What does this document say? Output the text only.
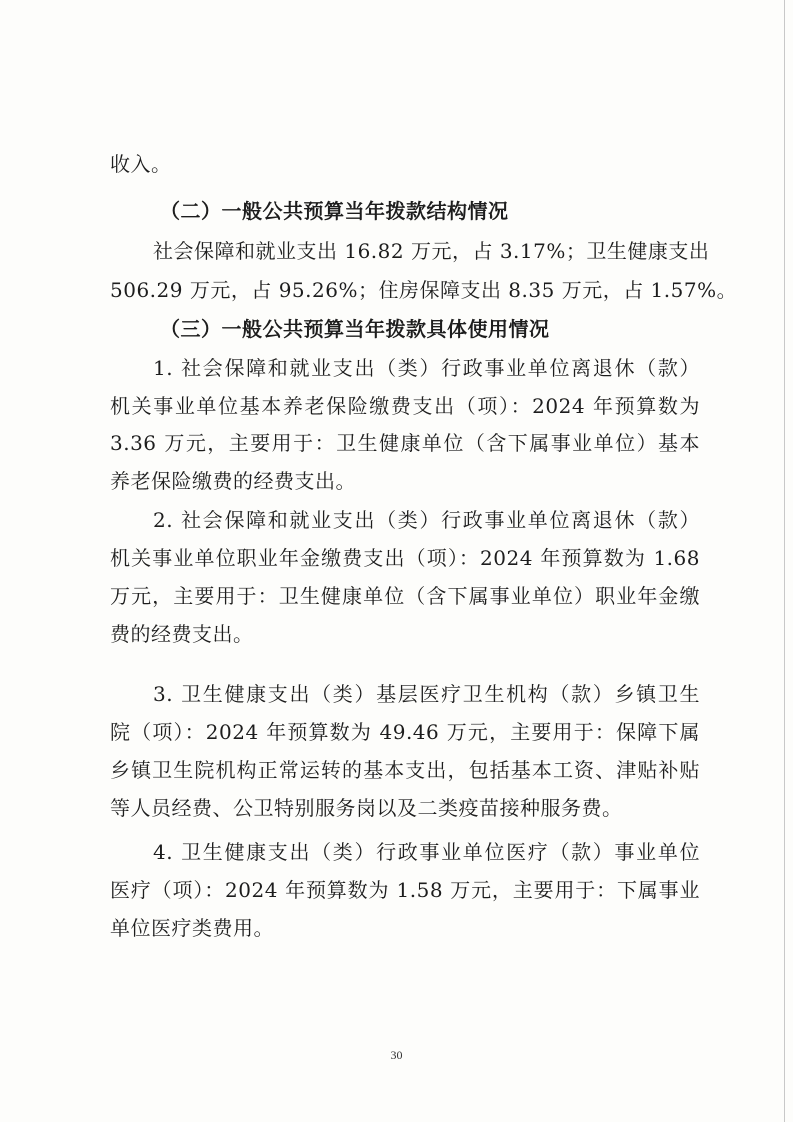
收入。
（二）一般公共预算当年拨款结构情况
社会保障和就业支出 16.82 万元，占 3.17%；卫生健康支出
506.29 万元，占 95.26%；住房保障支出 8.35 万元，占 1.57%。
（三）一般公共预算当年拨款具体使用情况
1. 社会保障和就业支出（类）行政事业单位离退休（款）
机关事业单位基本养老保险缴费支出（项）：2024 年预算数为
3.36 万元，主要用于：卫生健康单位（含下属事业单位）基本
养老保险缴费的经费支出。
2. 社会保障和就业支出（类）行政事业单位离退休（款）
机关事业单位职业年金缴费支出（项）：2024 年预算数为 1.68
万元，主要用于：卫生健康单位（含下属事业单位）职业年金缴
费的经费支出。
3. 卫生健康支出（类）基层医疗卫生机构（款）乡镇卫生
院（项）：2024 年预算数为 49.46 万元，主要用于：保障下属
乡镇卫生院机构正常运转的基本支出，包括基本工资、津贴补贴
等人员经费、公卫特别服务岗以及二类疫苗接种服务费。
4. 卫生健康支出（类）行政事业单位医疗（款）事业单位
医疗（项）：2024 年预算数为 1.58 万元，主要用于：下属事业
单位医疗类费用。
30
